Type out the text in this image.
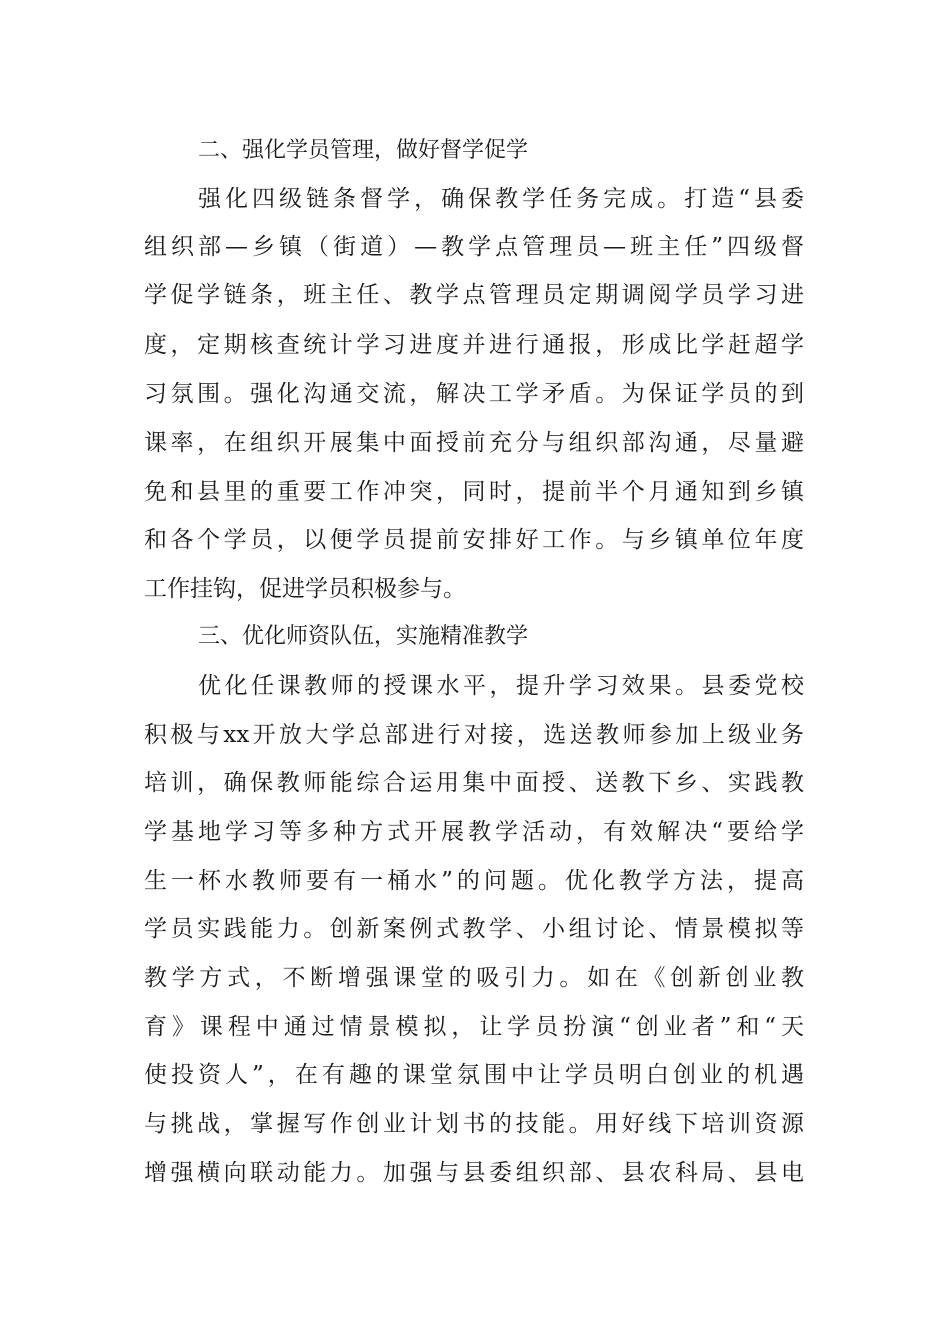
二、强化学员管理，做好督学促学
强化四级链条督学，确保教学任务完成。打造“县委
组织部—乡镇（街道）—教学点管理员—班主任”四级督
学促学链条，班主任、教学点管理员定期调阅学员学习进
度，定期核查统计学习进度并进行通报，形成比学赶超学
习氛围。强化沟通交流，解决工学矛盾。为保证学员的到
课率，在组织开展集中面授前充分与组织部沟通，尽量避
免和县里的重要工作冲突，同时，提前半个月通知到乡镇
和各个学员，以便学员提前安排好工作。与乡镇单位年度
工作挂钩，促进学员积极参与。
三、优化师资队伍，实施精准教学
优化任课教师的授课水平，提升学习效果。县委党校
积极与xx开放大学总部进行对接，选送教师参加上级业务
培训，确保教师能综合运用集中面授、送教下乡、实践教
学基地学习等多种方式开展教学活动，有效解决“要给学
生一杯水教师要有一桶水”的问题。优化教学方法，提高
学员实践能力。创新案例式教学、小组讨论、情景模拟等
教学方式，不断增强课堂的吸引力。如在《创新创业教
育》课程中通过情景模拟，让学员扮演“创业者”和“天
使投资人”，在有趣的课堂氛围中让学员明白创业的机遇
与挑战，掌握写作创业计划书的技能。用好线下培训资源
增强横向联动能力。加强与县委组织部、县农科局、县电
